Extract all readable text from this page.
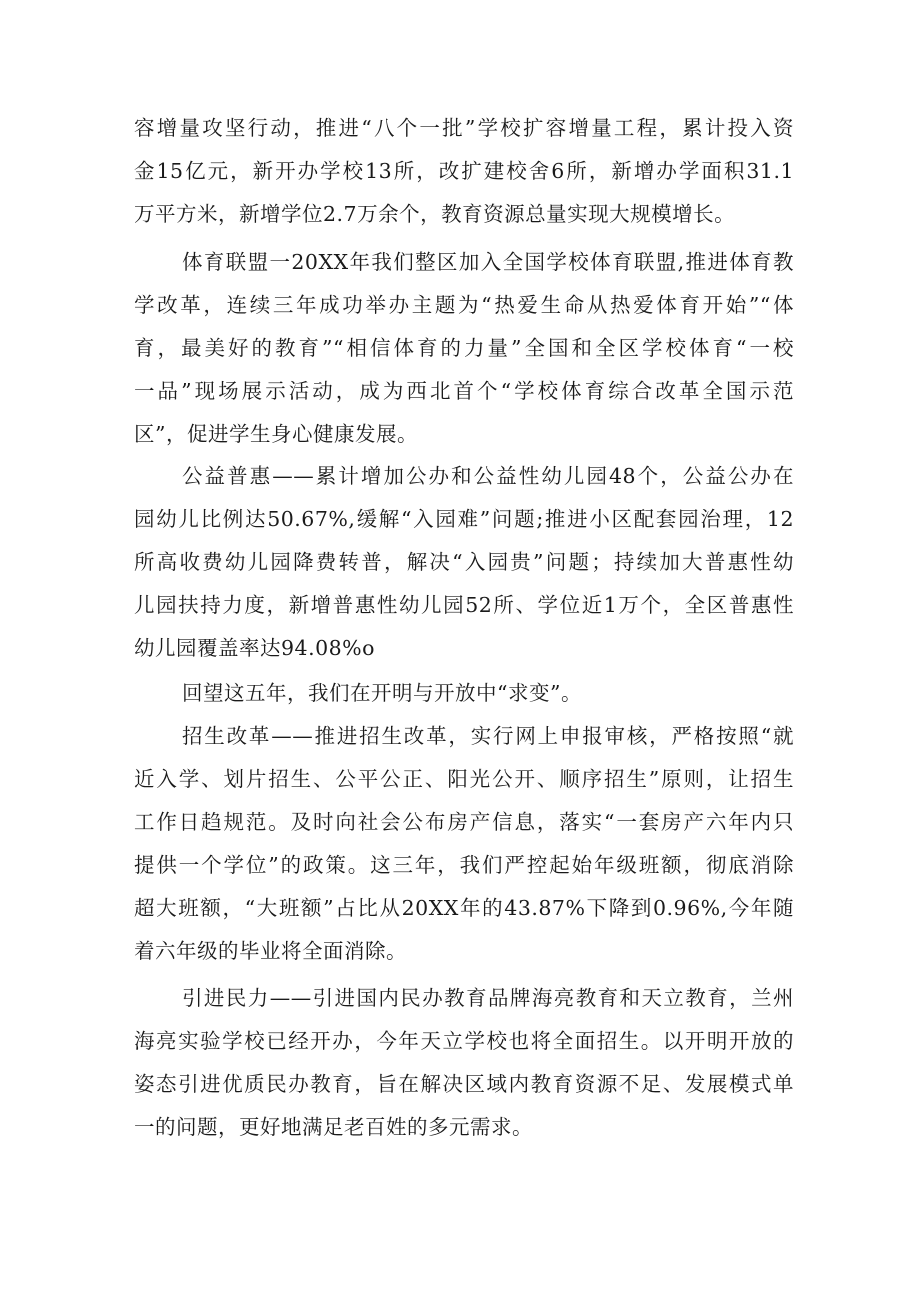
容增量攻坚行动，推进“八个一批”学校扩容增量工程，累计投入资
金15亿元，新开办学校13所，改扩建校舍6所，新增办学面积31.1
万平方米，新增学位2.7万余个，教育资源总量实现大规模增长。
体育联盟一20XX年我们整区加入全国学校体育联盟,推进体育教
学改革，连续三年成功举办主题为“热爱生命从热爱体育开始”“体
育，最美好的教育”“相信体育的力量”全国和全区学校体育“一校
一品”现场展示活动，成为西北首个“学校体育综合改革全国示范
区”，促进学生身心健康发展。
公益普惠——累计增加公办和公益性幼儿园48个，公益公办在
园幼儿比例达50.67%,缓解“入园难”问题;推进小区配套园治理，12
所高收费幼儿园降费转普，解决“入园贵”问题；持续加大普惠性幼
儿园扶持力度，新增普惠性幼儿园52所、学位近1万个，全区普惠性
幼儿园覆盖率达94.08%o
回望这五年，我们在开明与开放中“求变”。
招生改革——推进招生改革，实行网上申报审核，严格按照“就
近入学、划片招生、公平公正、阳光公开、顺序招生”原则，让招生
工作日趋规范。及时向社会公布房产信息，落实“一套房产六年内只
提供一个学位”的政策。这三年，我们严控起始年级班额，彻底消除
超大班额，“大班额”占比从20XX年的43.87%下降到0.96%,今年随
着六年级的毕业将全面消除。
引进民力——引进国内民办教育品牌海亮教育和天立教育，兰州
海亮实验学校已经开办，今年天立学校也将全面招生。以开明开放的
姿态引进优质民办教育，旨在解决区域内教育资源不足、发展模式单
一的问题，更好地满足老百姓的多元需求。
